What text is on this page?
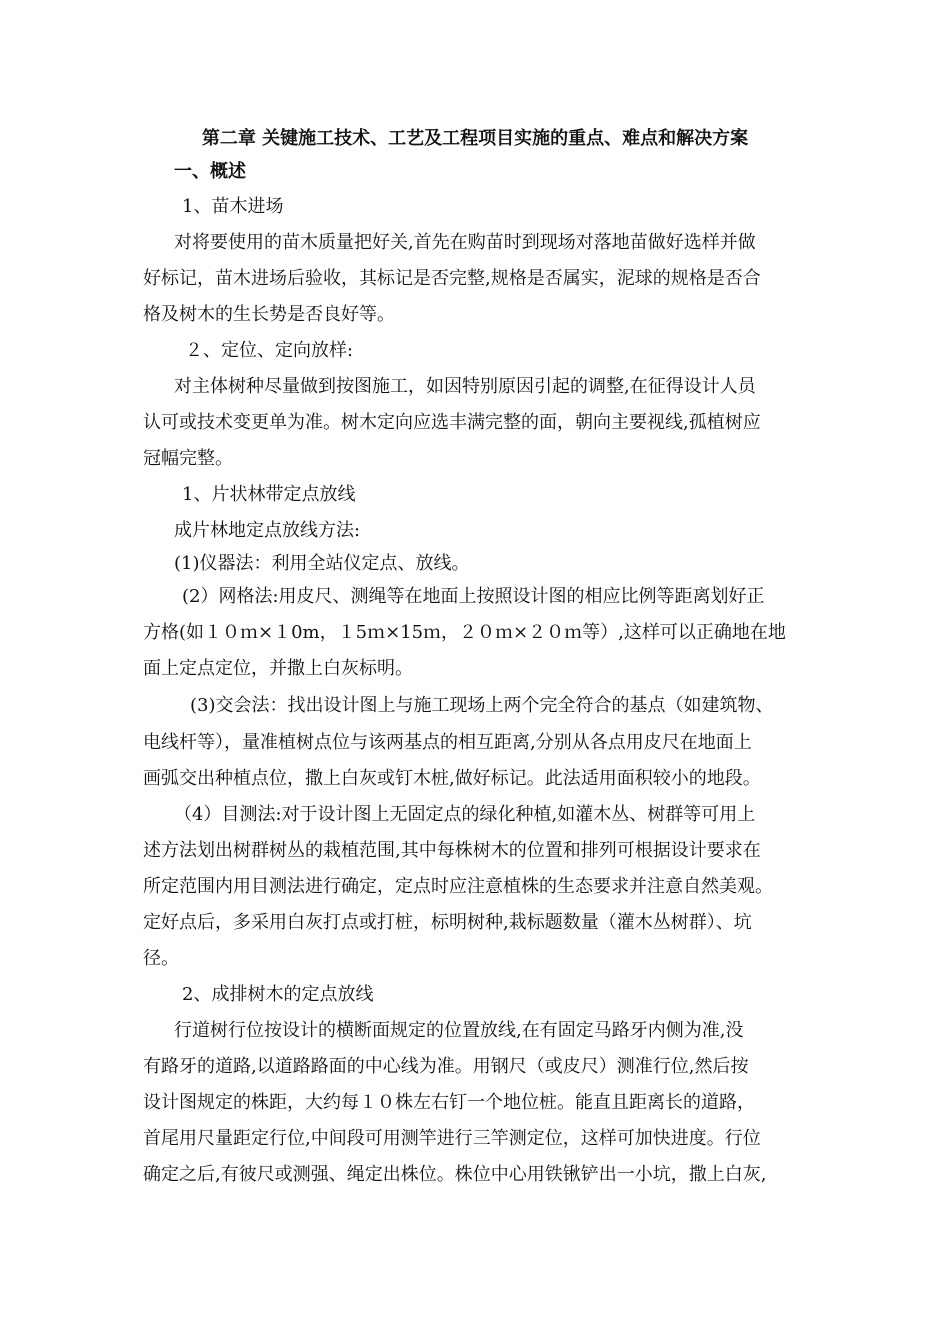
第二章 关键施工技术、工艺及工程项目实施的重点、难点和解决方案
一、概述
1、苗木进场
对将要使用的苗木质量把好关,首先在购苗时到现场对落地苗做好选样并做
好标记，苗木进场后验收，其标记是否完整,规格是否属实，泥球的规格是否合
格及树木的生长势是否良好等。
２、定位、定向放样:
对主体树种尽量做到按图施工，如因特别原因引起的调整,在征得设计人员
认可或技术变更单为准。树木定向应选丰满完整的面，朝向主要视线,孤植树应
冠幅完整。
1、片状林带定点放线
成片林地定点放线方法:
(1)仪器法：利用全站仪定点、放线。
(2）网格法:用皮尺、测绳等在地面上按照设计图的相应比例等距离划好正
方格(如１０ｍ×１0m，１5ｍ×15ｍ，２０ｍ×２０ｍ等）,这样可以正确地在地
面上定点定位，并撒上白灰标明。
(3)交会法：找出设计图上与施工现场上两个完全符合的基点（如建筑物、
电线杆等），量准植树点位与该两基点的相互距离,分别从各点用皮尺在地面上
画弧交出种植点位，撒上白灰或钉木桩,做好标记。此法适用面积较小的地段。
（4）目测法:对于设计图上无固定点的绿化种植,如灌木丛、树群等可用上
述方法划出树群树丛的栽植范围,其中每株树木的位置和排列可根据设计要求在
所定范围内用目测法进行确定，定点时应注意植株的生态要求并注意自然美观。
定好点后，多采用白灰打点或打桩，标明树种,栽标题数量（灌木丛树群）、坑
径。
2、成排树木的定点放线
行道树行位按设计的横断面规定的位置放线,在有固定马路牙内侧为准,没
有路牙的道路,以道路路面的中心线为准。用钢尺（或皮尺）测准行位,然后按
设计图规定的株距，大约每１０株左右钉一个地位桩。能直且距离长的道路，
首尾用尺量距定行位,中间段可用测竿进行三竿测定位，这样可加快进度。行位
确定之后,有彼尺或测强、绳定出株位。株位中心用铁锹铲出一小坑，撒上白灰,
